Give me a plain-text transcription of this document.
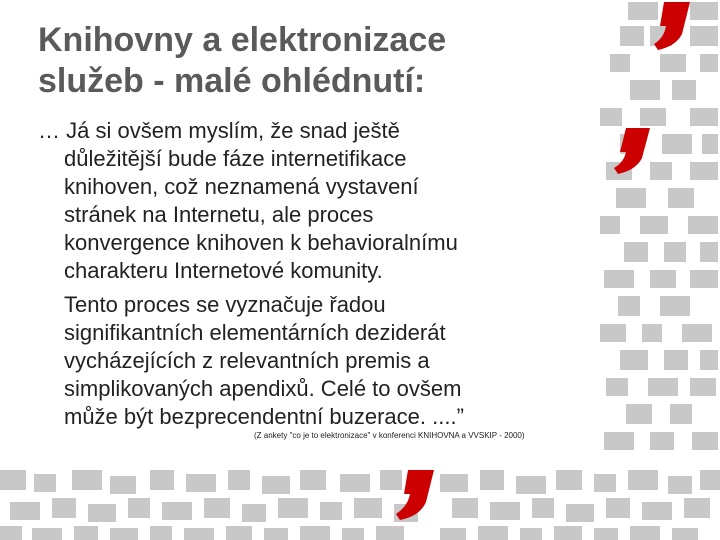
Knihovny a elektronizace
služeb - malé ohlédnutí:
… Já si ovšem myslím, že snad ještě
důležitější bude fáze internetifikace
knihoven, což neznamená vystavení
stránek na Internetu, ale proces
konvergence knihoven k behavioralnímu
charakteru Internetové komunity.
Tento proces se vyznačuje řadou
signifikantních elementárních deziderát
vycházejících z relevantních premis a
simplikovaných apendixů. Celé to ovšem
může být bezprecendentní buzerace. ....”
(Z ankety "co je to elektronizace" v konferenci KNIHOVNA a VVSKIP - 2000)
